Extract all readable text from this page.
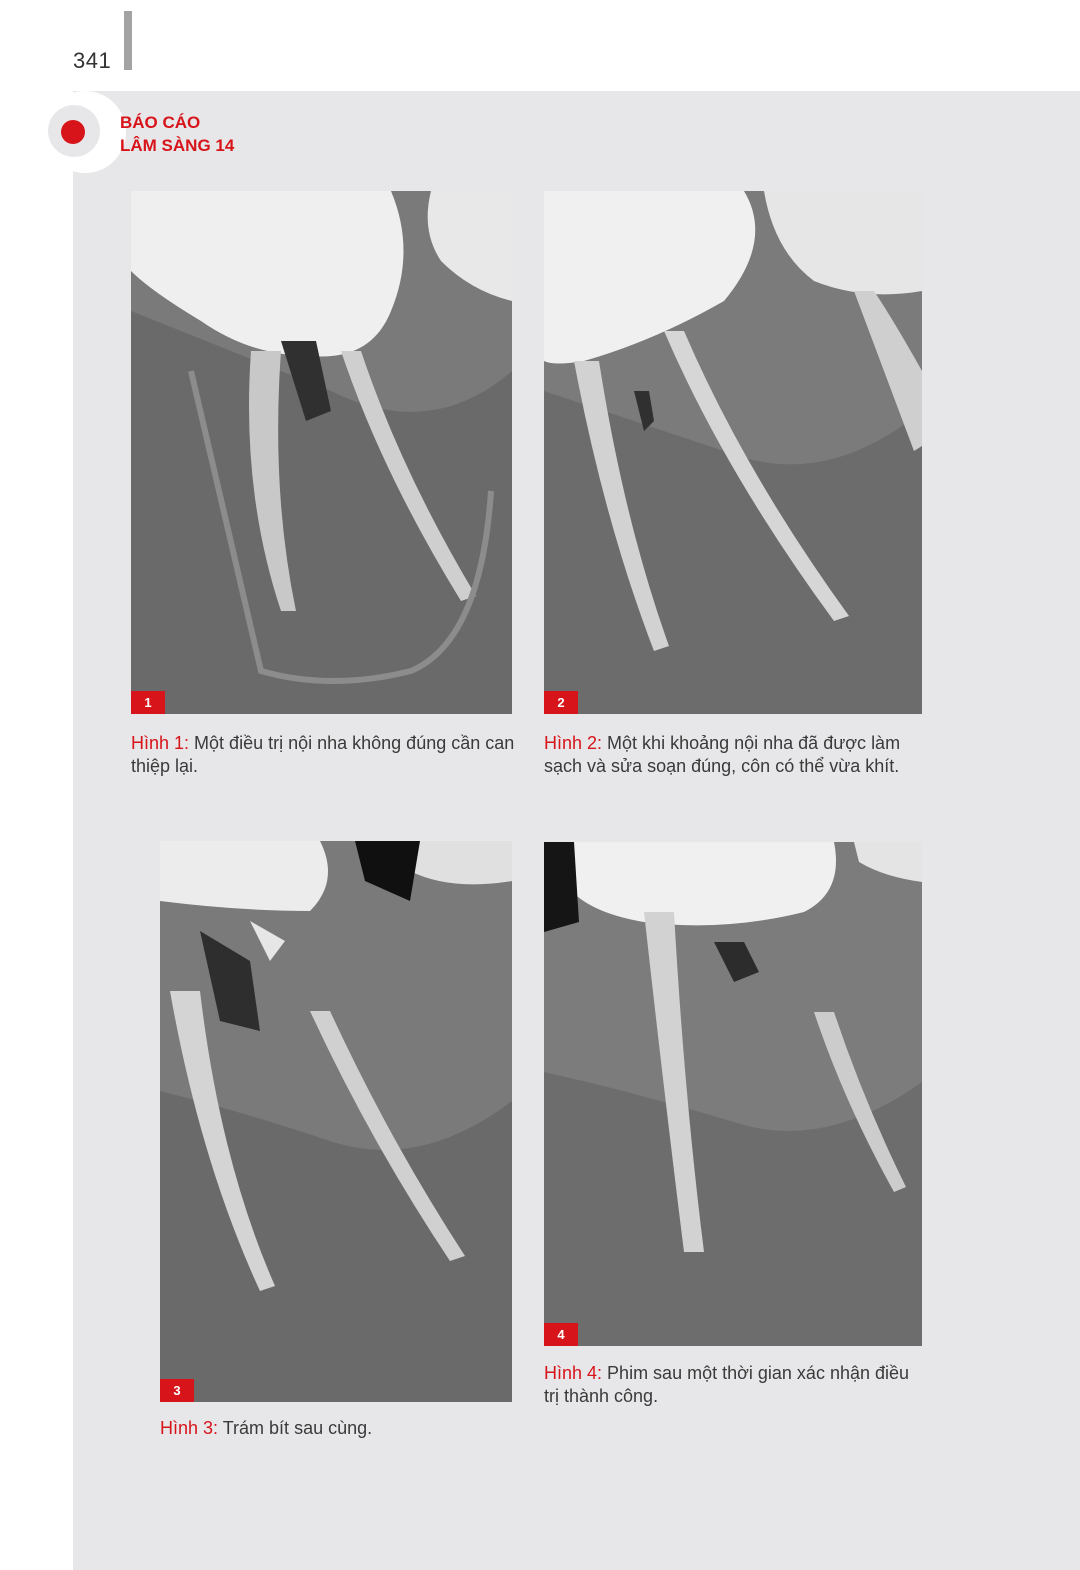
341
BÁO CÁO
LÂM SÀNG 14
1
Hình 1: Một điều trị nội nha không đúng cần can thiệp lại.
2
Hình 2: Một khi khoảng nội nha đã được làm sạch và sửa soạn đúng, côn có thể vừa khít.
3
Hình 3: Trám bít sau cùng.
4
Hình 4: Phim sau một thời gian xác nhận điều trị thành công.
